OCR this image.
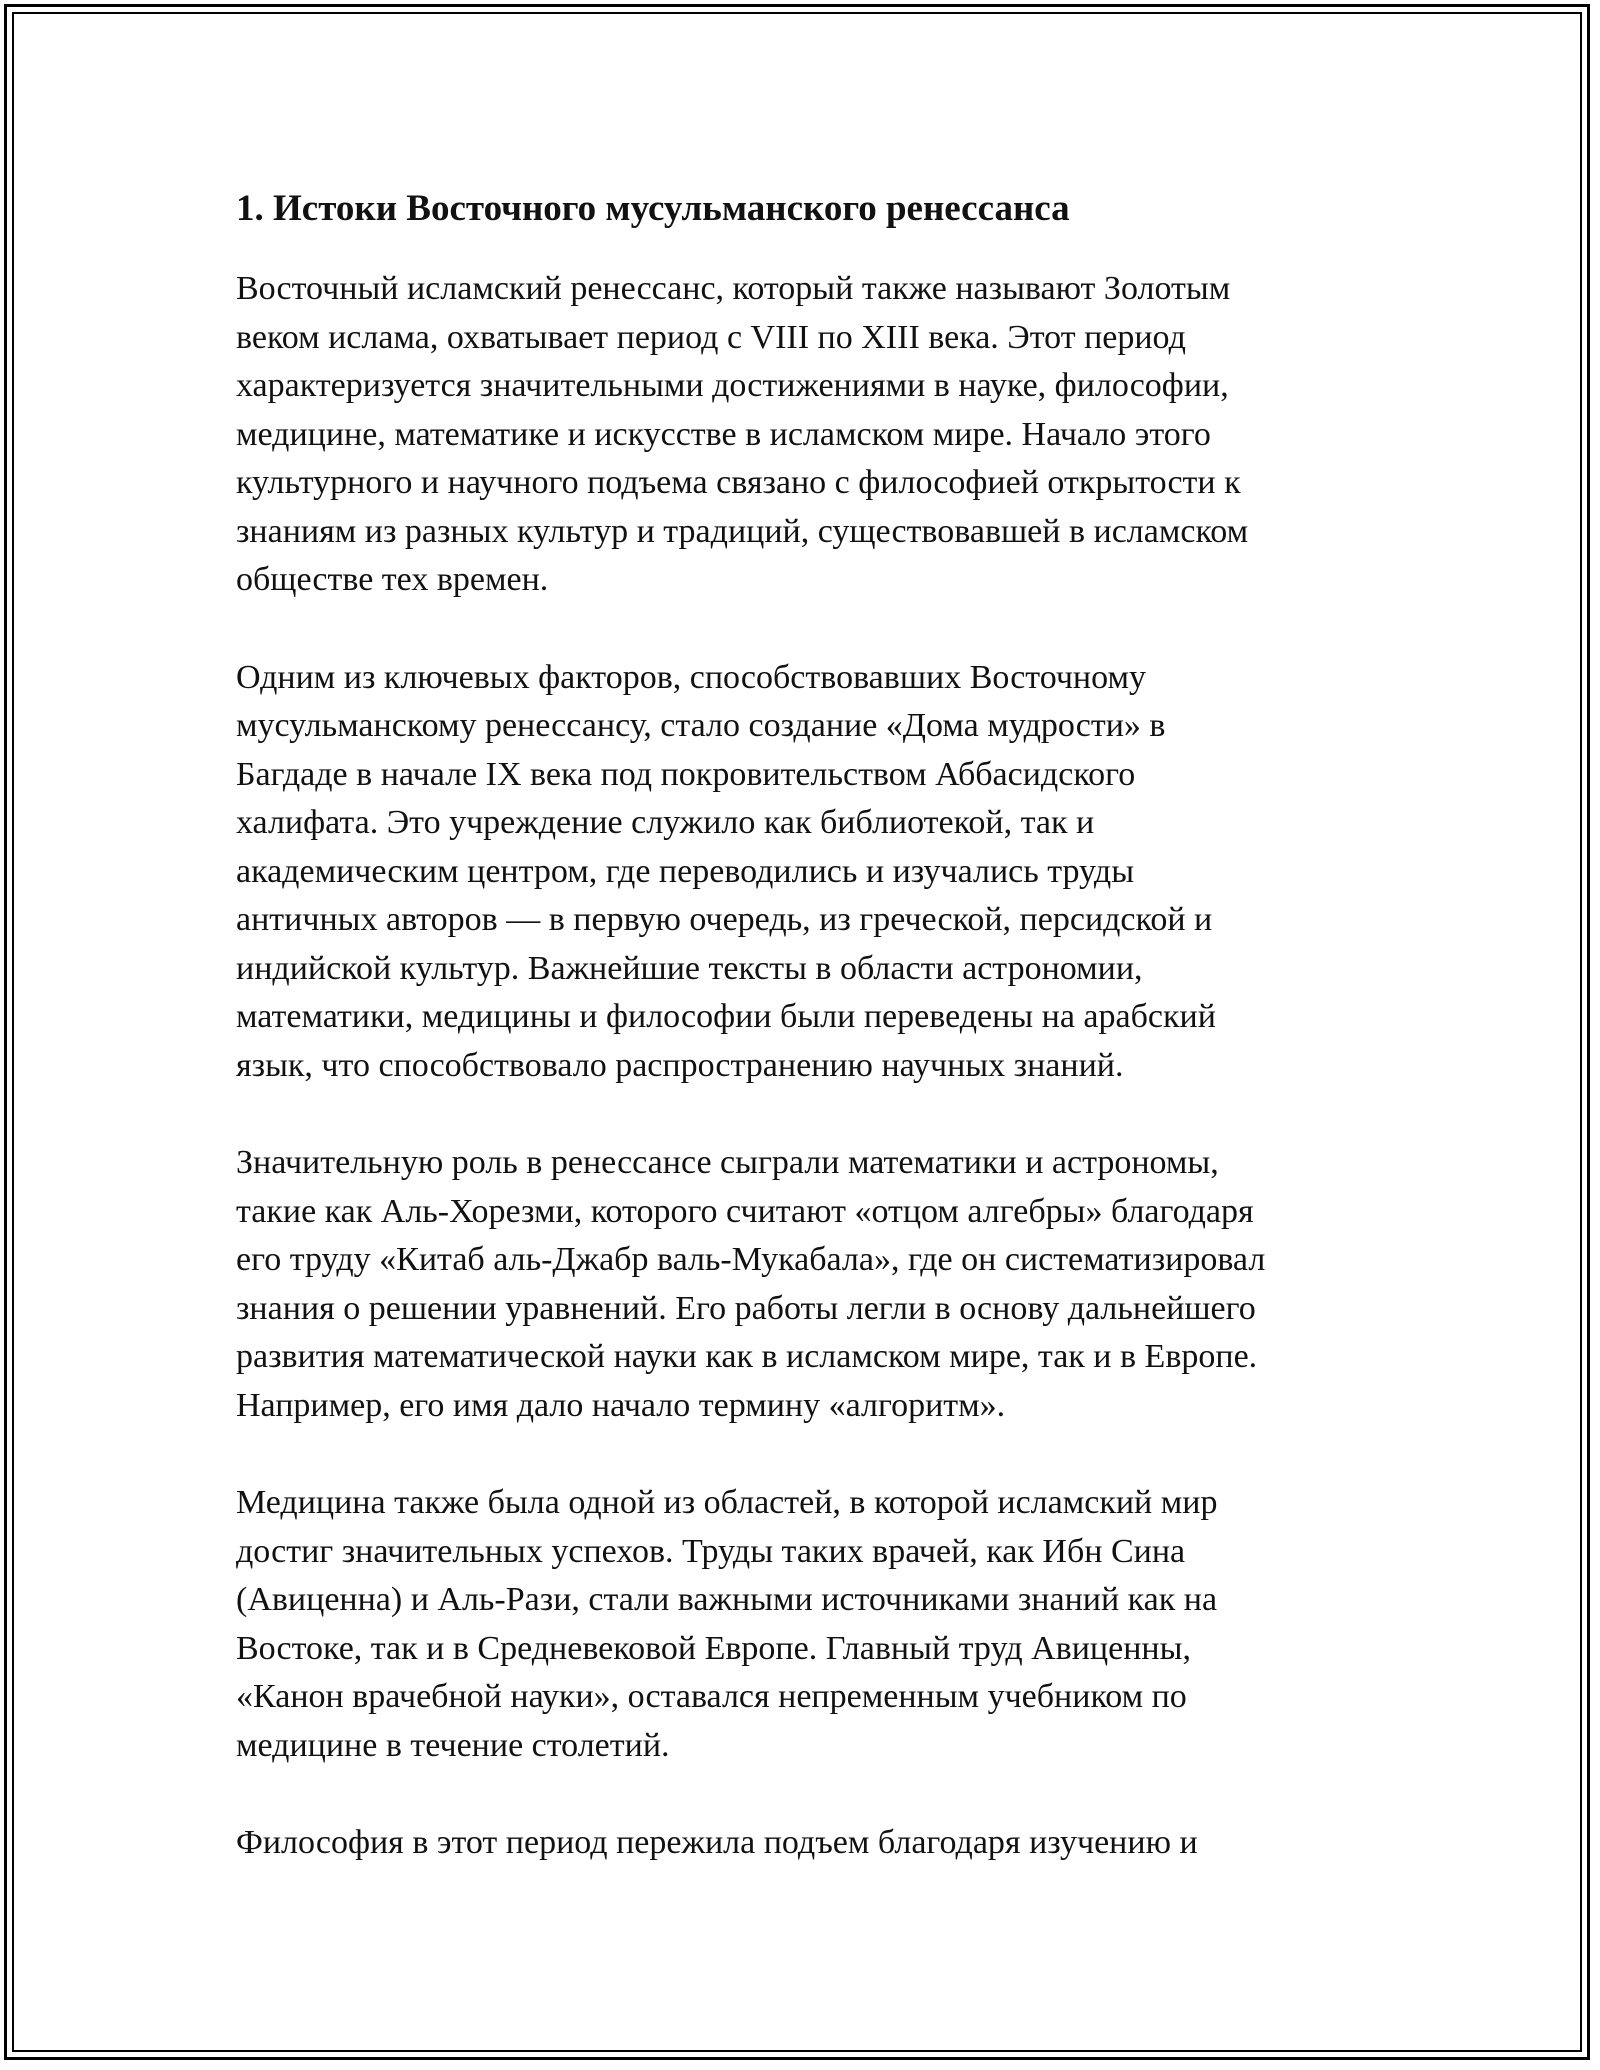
1. Истоки Восточного мусульманского ренессанса

Восточный исламский ренессанс, который также называют Золотым
веком ислама, охватывает период с VIII по XIII века. Этот период
характеризуется значительными достижениями в науке, философии,
медицине, математике и искусстве в исламском мире. Начало этого
культурного и научного подъема связано с философией открытости к
знаниям из разных культур и традиций, существовавшей в исламском
обществе тех времен.

Одним из ключевых факторов, способствовавших Восточному
мусульманскому ренессансу, стало создание «Дома мудрости» в
Багдаде в начале IX века под покровительством Аббасидского
халифата. Это учреждение служило как библиотекой, так и
академическим центром, где переводились и изучались труды
античных авторов — в первую очередь, из греческой, персидской и
индийской культур. Важнейшие тексты в области астрономии,
математики, медицины и философии были переведены на арабский
язык, что способствовало распространению научных знаний.

Значительную роль в ренессансе сыграли математики и астрономы,
такие как Аль-Хорезми, которого считают «отцом алгебры» благодаря
его труду «Китаб аль-Джабр валь-Мукабала», где он систематизировал
знания о решении уравнений. Его работы легли в основу дальнейшего
развития математической науки как в исламском мире, так и в Европе.
Например, его имя дало начало термину «алгоритм».

Медицина также была одной из областей, в которой исламский мир
достиг значительных успехов. Труды таких врачей, как Ибн Сина
(Авиценна) и Аль-Рази, стали важными источниками знаний как на
Востоке, так и в Средневековой Европе. Главный труд Авиценны,
«Канон врачебной науки», оставался непременным учебником по
медицине в течение столетий.

Философия в этот период пережила подъем благодаря изучению и
